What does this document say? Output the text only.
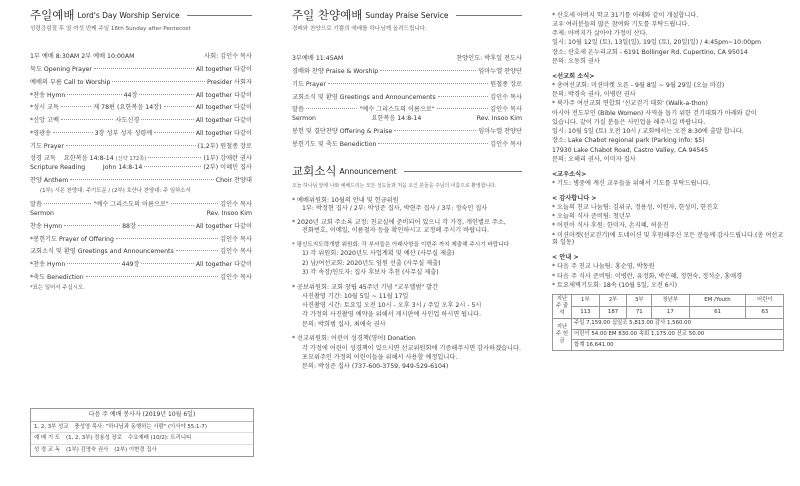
주일예배 Lord's Day Worship Service
성령강림절 후 열 여섯 번째 주일 16th Sunday after Pentecost
1부 예배 8:30AM 2부 예배 10:00AM	사회: 김인수 목사
묵도 Opening Prayer	All together 다같이
예배의 부름 Call to Worship	Presider 사회자
*찬송 Hymn	44장	All together 다같이
*성시 교독	제 78편 (요한복음 14장)	All together 다같이
*신앙 고백	사도신경	All together 다같이
*영광송	3장 성부 성자 성령께	All together 다같이
기도 Prayer	(1,2부) 원철종 장로
성경 교독 요한복음 14:8-14 (신약 172쪽)	(1부) 강애란 권사
Scripture Reading	John 14:8-14	(2부) 이혜민 집사
찬양 Anthem	Choir 찬양대
(1부) 시온 찬양대: 주기도문 / (2부) 호산나 찬양대: 주 임하소서
말씀	"예수 그리스도의 이름으로"	김인수 목사
Sermon	Rev. Insoo Kim
찬송 Hymn	88장	All together 다같이
*봉헌기도 Prayer of Offering	김인수 목사
교회소식 및 환영 Greetings and Announcements	김인수 목사
*찬송 Hymn	449장	All together 다같이
*축도 Benediction	김인수 목사
*표는 일어서 주십시오.
다음 주 예배 봉사자 (2019년 10월 6일)
1, 2, 3부 성교 충성영 목사: "하나님과 동행하는 사람" (이사야 55:1-7)
예 배 기 도 (1, 2, 3부) 정용성 장로 수요예배 (10/2): 트리니티
성 경 교 독 (1부) 김영숙 권사 (2부) 이현경 집사
주일 찬양예배 Sunday Praise Service
경배와 찬양으로 기쁨의 예배를 하나님께 올려드립니다.
3부예배 11:45AM	찬양인도: 박후일 전도사
경배와 찬양 Praise & Worship	임마누엘 찬양단
기도 Prayer	원철종 장로
교회소식 및 환영 Greetings and Announcements	김인수 목사
말씀	"예수 그리스도의 이름으로"	김인수 목사
Sermon	요한복음 14:8-14	Rev. Insoo Kim
봉헌 및 결단찬양 Offering & Praise	임마누엘 찬양단
봉헌기도 및 축도 Benediction	김인수 목사
교회소식 Announcement
오늘 하나님 앞에 나와 예배드리는 모든 성도들과 처음 오신 분들을 주님의 이름으로 환영합니다.
* 예배위원회: 10월의 안내 및 헌금위원
1부: 박정현 집사 / 2부: 박성준 집사, 박현주 집사 / 3부: 정숙인 집사
* 2020년 교회 주소록 교정: 친교실에 준비되어 있으니 각 가정, 개인별로 주소,
전화번호, 이메일, 이름철자 등을 확인하시고 교정해 주시기 바랍니다.
* 평신도지도력개발 위원회: 각 부서들은 아래사항을 이번주 까지 제출해 주시기 바랍니다
1) 각 위원회: 2020년도 사업계획 및 예산 (사무실 제출)
2) 남/여선교회: 2020년도 임원 선출 (사무실 제출)
3) 각 속장/인도자: 집사 후보자 추천 (사무실 제출)
* 공보위원회: 교회 창립 45주년 기념 "교우앨범" 발간
사진촬영 기간: 10월 5일 ~ 11월 17일
사진촬영 시간: 토요일 오전 10시 - 오후 3시 / 주일 오후 2시 - 5시
각 가정의 사진촬영 예약을 위해서 게시판에 사인업 하시면 됩니다.
문의: 박희범 집사, 최애숙 권사
* 선교위원회: 어린이 성경책(영어) Donation
각 가정에 어린이 성경책이 있으시면 선교위원회에 기증해주시면 감사하겠습니다.
포모위주인 가정의 어린이들을 위해서 사용할 예정입니다.
문의: 박성준 집사 (737-600-3759, 949-529-6104)
* 산호세 아버지 학교 31기를 아래와 같이 개설합니다.
교우 여러분들의 많은 참여와 기도를 부탁드립니다.
주제: 아버지가 살아야 가정이 산다.
일시: 10월 12일 (토), 13일(일), 19일 (토), 20일(일) / 4:45pm~10:00pm
장소: 산호세 온누리교회 - 6191 Bollinger Rd, Cupertino, CA 95014
문의: 오동희 권사
<선교회 소식>
* 총여선교회: 미션마켓 오픈 - 9월 8일 ~ 9월 29일 (오늘 마감)
문의: 박경숙 권사, 이병란 권사
* 북가주 여선교회 연합회 '선교걷기 대회' (Walk-a-thon)
아시아 전도부인 (Bible Women) 사역을 돕기 위한 걷기대회가 아래와 같이
있습니다. 같이 가실 분들은 사인업을 해주시길 바랍니다.
일시: 10월 5일 (토) 오전 10시 / 교회에서는 오전 8:30에 출발 합니다.
장소: Lake Chabot regional park (Parking info: $5)
17930 Lake Chabot Road, Castro Valley, CA 94545
문의: 오해리 권사, 이미자 집사
<교우소식>
* 기도: 병중에 계신 교우들을 위해서 기도를 부탁드립니다.
< 감사합니다 >
* 오늘의 친교 나눔팀: 김위규, 정용성, 이원자, 한성미, 한진호
* 오늘의 식사 준비팀: 청년부
* 어린이 식사 후원: 한미자, 손지혜, 허윤진
* 미션마켓(선교걷기)에 도네이션 및 후원해주신 모든 분들께 감사드립니다.(총 여선교회 일동)
< 안내 >
* 다음 주 친교 나눔팀: 홍순영, 박동원
* 다음 주 식사 준비팀: 이병란, 유정화, 박은혜, 정현숙, 정석순, 홍애경
* 토요새벽기도회: 18속 (10월 5일, 오전 6시)
지난 주 출석	1부	2부	3부	청년부	EM /Youth	어린이
	113	187	71	17	61	63
지난 주 헌금	주일 7,159.00 십일조 5,813.00 감사 1,560.00					
	어린이 54.00 EM 830.00 속회 1,175.00 선교 50.00					
	합계 16,641.00					
